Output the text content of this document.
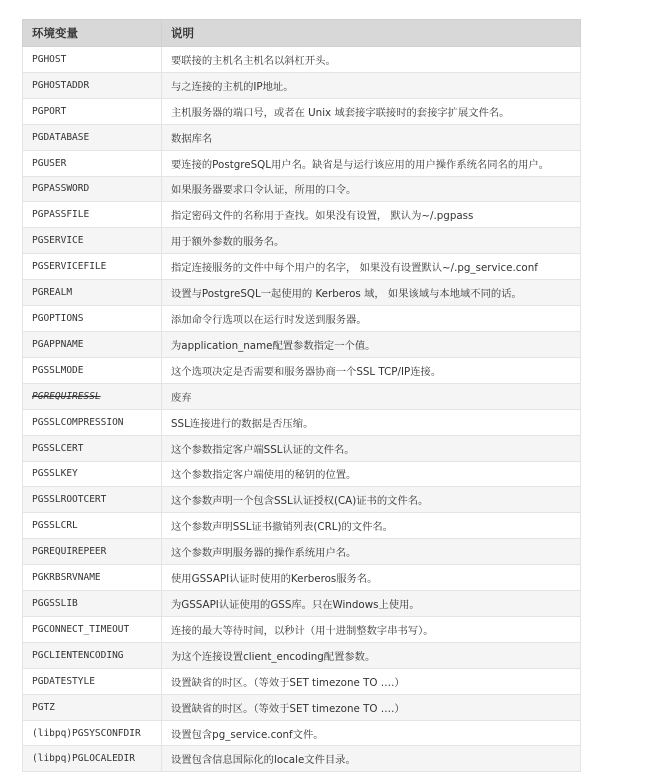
环境变量	说明
PGHOST	要联接的主机名主机名以斜杠开头。
PGHOSTADDR	与之连接的主机的IP地址。
PGPORT	主机服务器的端口号，或者在 Unix 域套接字联接时的套接字扩展文件名。
PGDATABASE	数据库名
PGUSER	要连接的PostgreSQL用户名。缺省是与运行该应用的用户操作系统名同名的用户。
PGPASSWORD	如果服务器要求口令认证，所用的口令。
PGPASSFILE	指定密码文件的名称用于查找。如果没有设置， 默认为~/.pgpass
PGSERVICE	用于额外参数的服务名。
PGSERVICEFILE	指定连接服务的文件中每个用户的名字， 如果没有设置默认~/.pg_service.conf
PGREALM	设置与PostgreSQL一起使用的 Kerberos 域， 如果该域与本地域不同的话。
PGOPTIONS	添加命令行选项以在运行时发送到服务器。
PGAPPNAME	为application_name配置参数指定一个值。
PGSSLMODE	这个选项决定是否需要和服务器协商一个SSL TCP/IP连接。
PGREQUIRESSL	废弃
PGSSLCOMPRESSION	SSL连接进行的数据是否压缩。
PGSSLCERT	这个参数指定客户端SSL认证的文件名。
PGSSLKEY	这个参数指定客户端使用的秘钥的位置。
PGSSLROOTCERT	这个参数声明一个包含SSL认证授权(CA)证书的文件名。
PGSSLCRL	这个参数声明SSL证书撤销列表(CRL)的文件名。
PGREQUIREPEER	这个参数声明服务器的操作系统用户名。
PGKRBSRVNAME	使用GSSAPI认证时使用的Kerberos服务名。
PGGSSLIB	为GSSAPI认证使用的GSS库。只在Windows上使用。
PGCONNECT_TIMEOUT	连接的最大等待时间，以秒计（用十进制整数字串书写）。
PGCLIENTENCODING	为这个连接设置client_encoding配置参数。
PGDATESTYLE	设置缺省的时区。（等效于SET timezone TO ….）
PGTZ	设置缺省的时区。（等效于SET timezone TO ….）
(libpq)PGSYSCONFDIR	设置包含pg_service.conf文件。
(libpq)PGLOCALEDIR	设置包含信息国际化的locale文件目录。
